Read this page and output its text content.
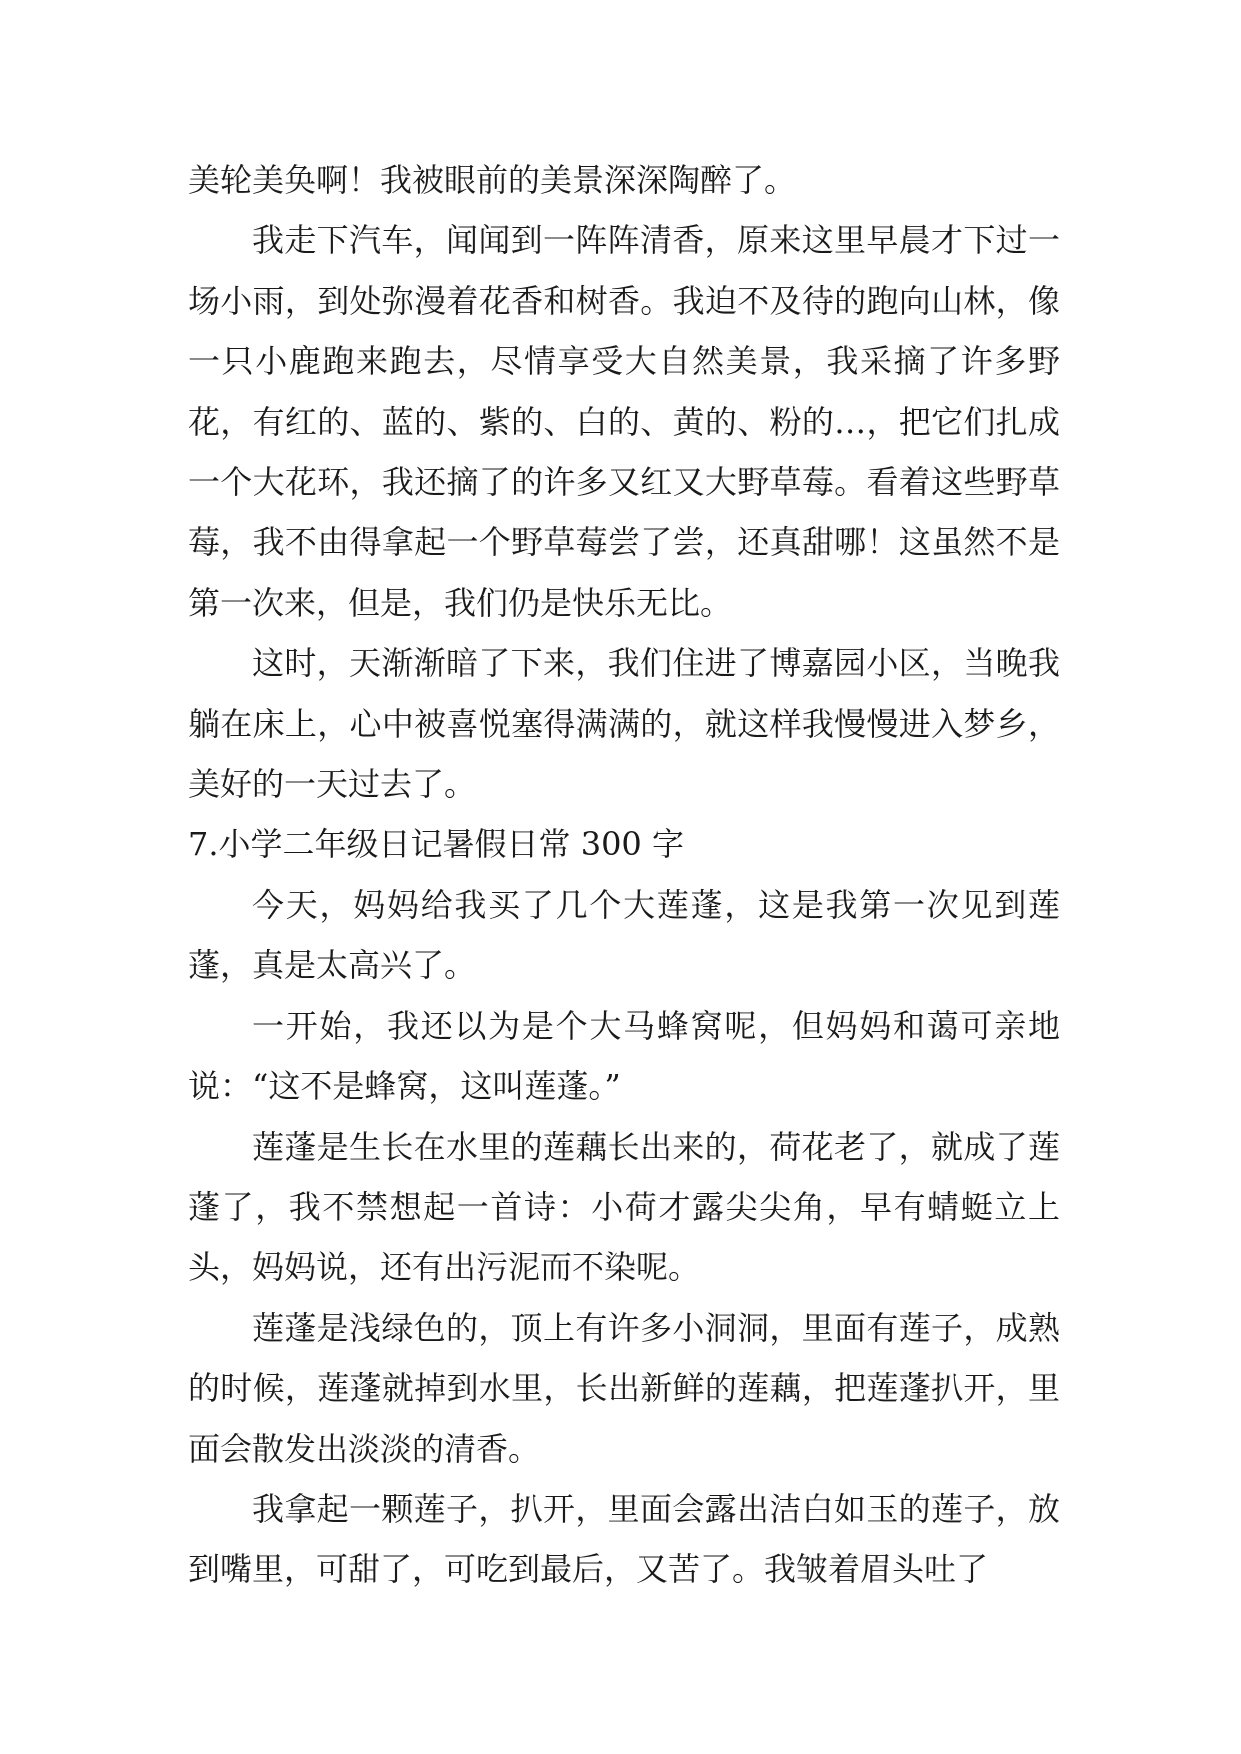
美轮美奂啊！我被眼前的美景深深陶醉了。

我走下汽车，闻闻到一阵阵清香，原来这里早晨才下过一场小雨，到处弥漫着花香和树香。我迫不及待的跑向山林，像一只小鹿跑来跑去，尽情享受大自然美景，我采摘了许多野花，有红的、蓝的、紫的、白的、黄的、粉的…，把它们扎成一个大花环，我还摘了的许多又红又大野草莓。看着这些野草莓，我不由得拿起一个野草莓尝了尝，还真甜哪！这虽然不是第一次来，但是，我们仍是快乐无比。

这时，天渐渐暗了下来，我们住进了博嘉园小区，当晚我躺在床上，心中被喜悦塞得满满的，就这样我慢慢进入梦乡，美好的一天过去了。

7.小学二年级日记暑假日常 300 字

今天，妈妈给我买了几个大莲蓬，这是我第一次见到莲蓬，真是太高兴了。

一开始，我还以为是个大马蜂窝呢，但妈妈和蔼可亲地说：“这不是蜂窝，这叫莲蓬。”

莲蓬是生长在水里的莲藕长出来的，荷花老了，就成了莲蓬了，我不禁想起一首诗：小荷才露尖尖角，早有蜻蜓立上头，妈妈说，还有出污泥而不染呢。

莲蓬是浅绿色的，顶上有许多小洞洞，里面有莲子，成熟的时候，莲蓬就掉到水里，长出新鲜的莲藕，把莲蓬扒开，里面会散发出淡淡的清香。

我拿起一颗莲子，扒开，里面会露出洁白如玉的莲子，放到嘴里，可甜了，可吃到最后，又苦了。我皱着眉头吐了
